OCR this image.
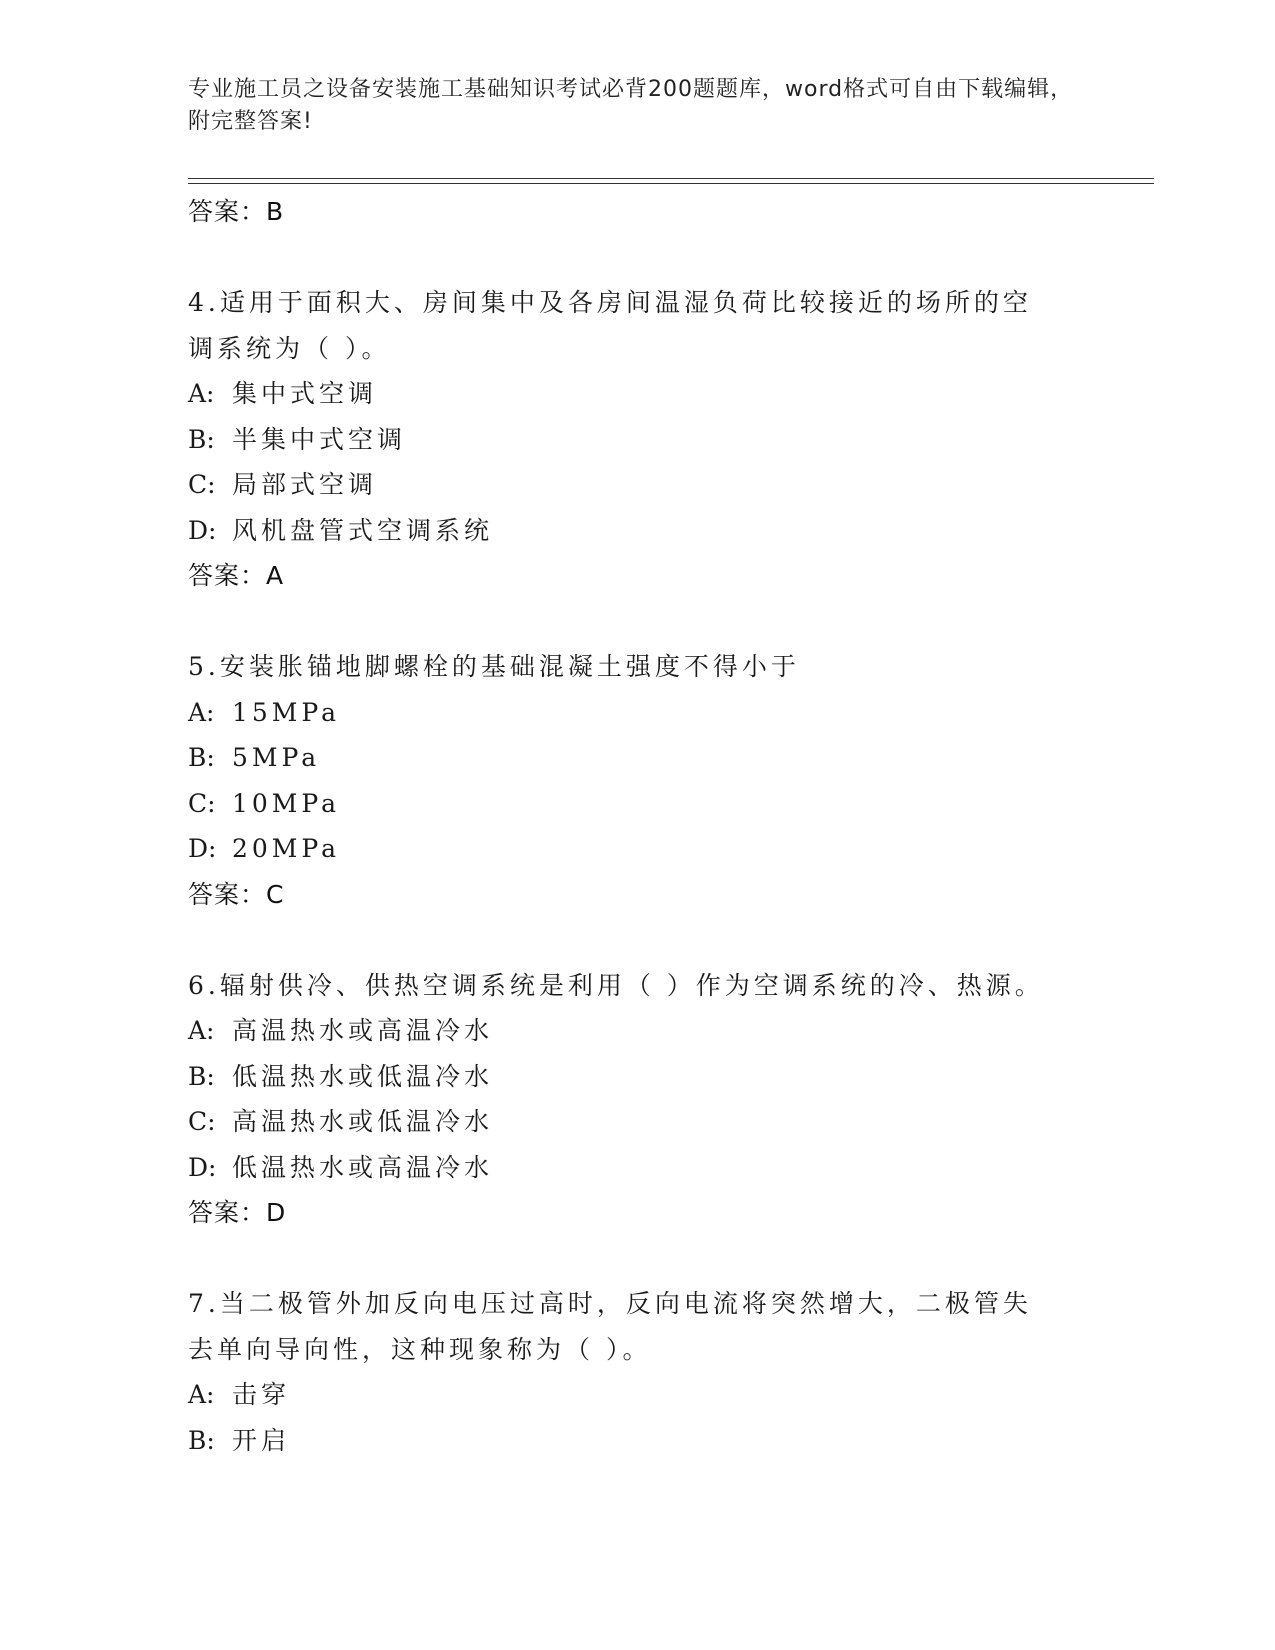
专业施工员之设备安装施工基础知识考试必背200题题库，word格式可自由下载编辑，附完整答案!
答案：B
4.适用于面积大、房间集中及各房间温湿负荷比较接近的场所的空调系统为（ ）。
A: 集中式空调
B: 半集中式空调
C: 局部式空调
D: 风机盘管式空调系统
答案：A
5.安装胀锚地脚螺栓的基础混凝土强度不得小于
A: 15MPa
B: 5MPa
C: 10MPa
D: 20MPa
答案：C
6.辐射供冷、供热空调系统是利用（ ）作为空调系统的冷、热源。
A: 高温热水或高温冷水
B: 低温热水或低温冷水
C: 高温热水或低温冷水
D: 低温热水或高温冷水
答案：D
7.当二极管外加反向电压过高时，反向电流将突然增大，二极管失去单向导向性，这种现象称为（ ）。
A: 击穿
B: 开启
